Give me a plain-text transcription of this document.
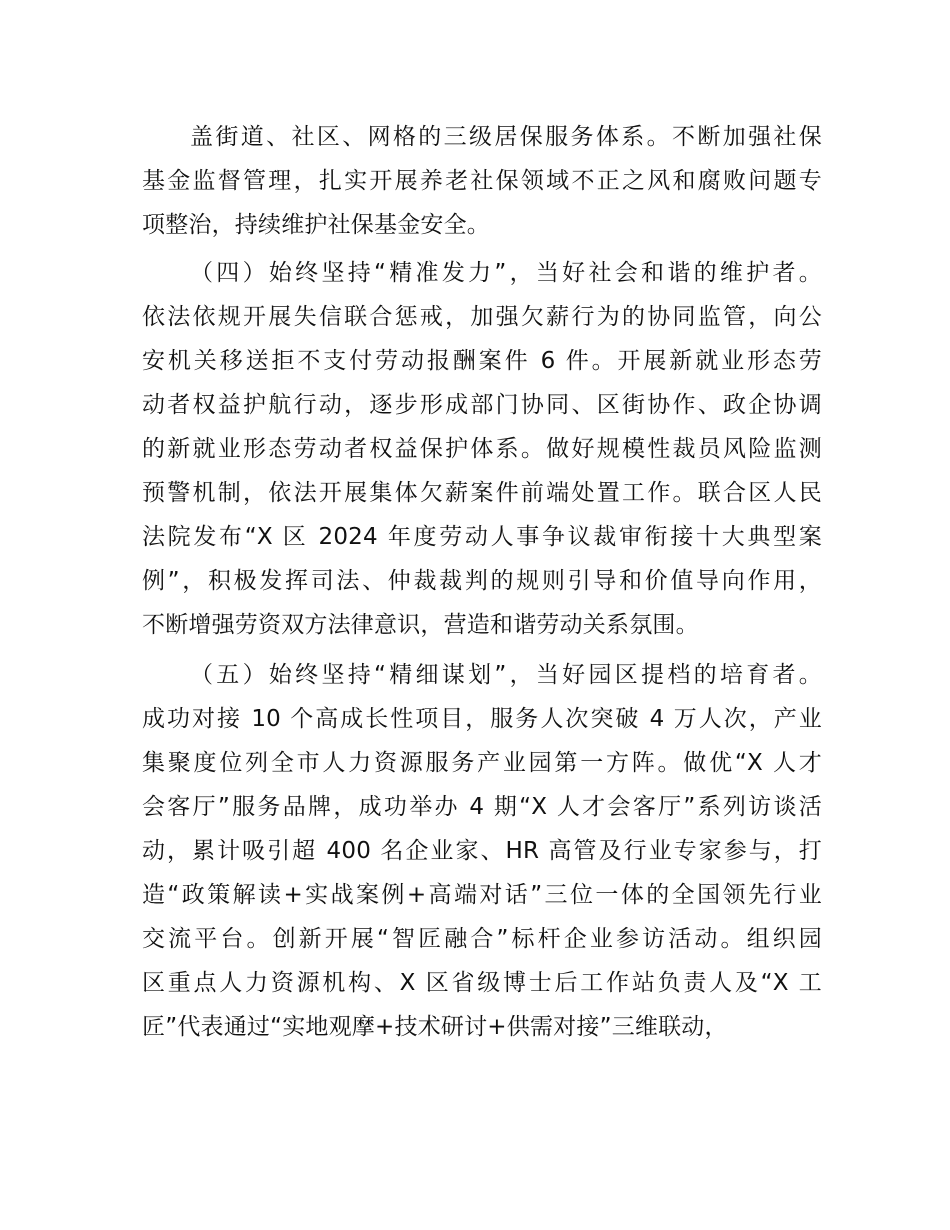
盖街道、社区、网格的三级居保服务体系。不断加强社保
基金监督管理，扎实开展养老社保领域不正之风和腐败问题专
项整治，持续维护社保基金安全。
（四）始终坚持“精准发力”，当好社会和谐的维护者。
依法依规开展失信联合惩戒，加强欠薪行为的协同监管，向公
安机关移送拒不支付劳动报酬案件 6 件。开展新就业形态劳
动者权益护航行动，逐步形成部门协同、区街协作、政企协调
的新就业形态劳动者权益保护体系。做好规模性裁员风险监测
预警机制，依法开展集体欠薪案件前端处置工作。联合区人民
法院发布“X 区 2024 年度劳动人事争议裁审衔接十大典型案
例”，积极发挥司法、仲裁裁判的规则引导和价值导向作用，
不断增强劳资双方法律意识，营造和谐劳动关系氛围。
（五）始终坚持“精细谋划”，当好园区提档的培育者。
成功对接 10 个高成长性项目，服务人次突破 4 万人次，产业
集聚度位列全市人力资源服务产业园第一方阵。做优“X 人才
会客厅”服务品牌，成功举办 4 期“X 人才会客厅”系列访谈活
动，累计吸引超 400 名企业家、HR 高管及行业专家参与，打
造“政策解读+实战案例+高端对话”三位一体的全国领先行业
交流平台。创新开展“智匠融合”标杆企业参访活动。组织园
区重点人力资源机构、X 区省级博士后工作站负责人及“X 工
匠”代表通过“实地观摩+技术研讨+供需对接”三维联动，
